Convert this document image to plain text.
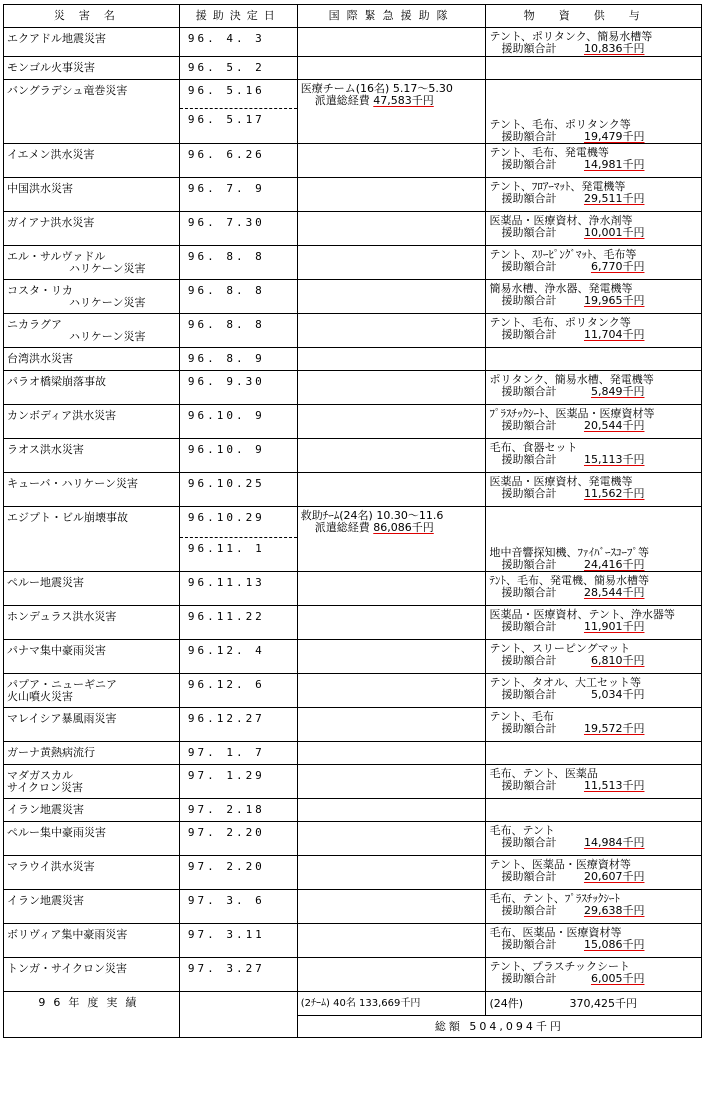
災害名	援助決定日	国際緊急援助隊	物資供与
エクアドル地震災害	96. 4. 3		テント、ポリタンク、簡易水槽等
援助額合計 10,836千円

モンゴル火事災害	96. 5. 2		
バングラデシュ竜巻災害	96. 5.16	医療チーム(16名) 5.17〜5.30
派遣総経費 47,583千円	

	96. 5.17		テント、毛布、ポリタンク等
援助額合計 19,479千円

イエメン洪水災害	96. 6.26		テント、毛布、発電機等
援助額合計 14,981千円

中国洪水災害	96. 7. 9		テント、ﾌﾛｱｰﾏｯﾄ、発電機等
援助額合計 29,511千円

ガイアナ洪水災害	96. 7.30		医薬品・医療資材、浄水剤等
援助額合計 10,001千円

エル・サルヴァドル
ハリケーン災害	96. 8. 8		テント、ｽﾘｰﾋﾟﾝｸﾞﾏｯﾄ、毛布等
援助額合計 6,770千円

コスタ・リカ
ハリケーン災害	96. 8. 8		簡易水槽、浄水器、発電機等
援助額合計 19,965千円

ニカラグア
ハリケーン災害	96. 8. 8		テント、毛布、ポリタンク等
援助額合計 11,704千円

台湾洪水災害	96. 8. 9		
パラオ橋梁崩落事故	96. 9.30		ポリタンク、簡易水槽、発電機等
援助額合計 5,849千円

カンボディア洪水災害	96.10. 9		ﾌﾟﾗｽﾁｯｸｼｰﾄ、医薬品・医療資材等
援助額合計 20,544千円

ラオス洪水災害	96.10. 9		毛布、食器セット
援助額合計 15,113千円

キューバ・ハリケーン災害	96.10.25		医薬品・医療資材、発電機等
援助額合計 11,562千円

エジプト・ビル崩壊事故	96.10.29	救助ﾁｰﾑ(24名) 10.30〜11.6
派遣総経費 86,086千円	

	96.11. 1		地中音響探知機、ﾌｧｲﾊﾞｰｽｺｰﾌﾟ等
援助額合計 24,416千円

ペルー地震災害	96.11.13		ﾃﾝﾄ、毛布、発電機、簡易水槽等
援助額合計 28,544千円

ホンデュラス洪水災害	96.11.22		医薬品・医療資材、テント、浄水器等
援助額合計 11,901千円

パナマ集中豪雨災害	96.12. 4		テント、スリーピングマット
援助額合計 6,810千円

パプア・ニューギニア
火山噴火災害	96.12. 6		テント、タオル、大工セット等
援助額合計 5,034千円

マレイシア暴風雨災害	96.12.27		テント、毛布
援助額合計 19,572千円

ガーナ黄熱病流行	97. 1. 7		
マダガスカル
サイクロン災害	97. 1.29		毛布、テント、医薬品
援助額合計 11,513千円

イラン地震災害	97. 2.18		
ペルー集中豪雨災害	97. 2.20		毛布、テント
援助額合計 14,984千円

マラウイ洪水災害	97. 2.20		テント、医薬品・医療資材等
援助額合計 20,607千円

イラン地震災害	97. 3. 6		毛布、テント、ﾌﾟﾗｽﾁｯｸｼｰﾄ
援助額合計 29,638千円

ボリヴィア集中豪雨災害	97. 3.11		毛布、医薬品・医療資材等
援助額合計 15,086千円

トンガ・サイクロン災害	97. 3.27		テント、プラスチックシート
援助額合計 6,005千円

96年度実績		(2ﾁｰﾑ) 40名 133,669千円	(24件) 370,425千円
		総額 504,094千円	
